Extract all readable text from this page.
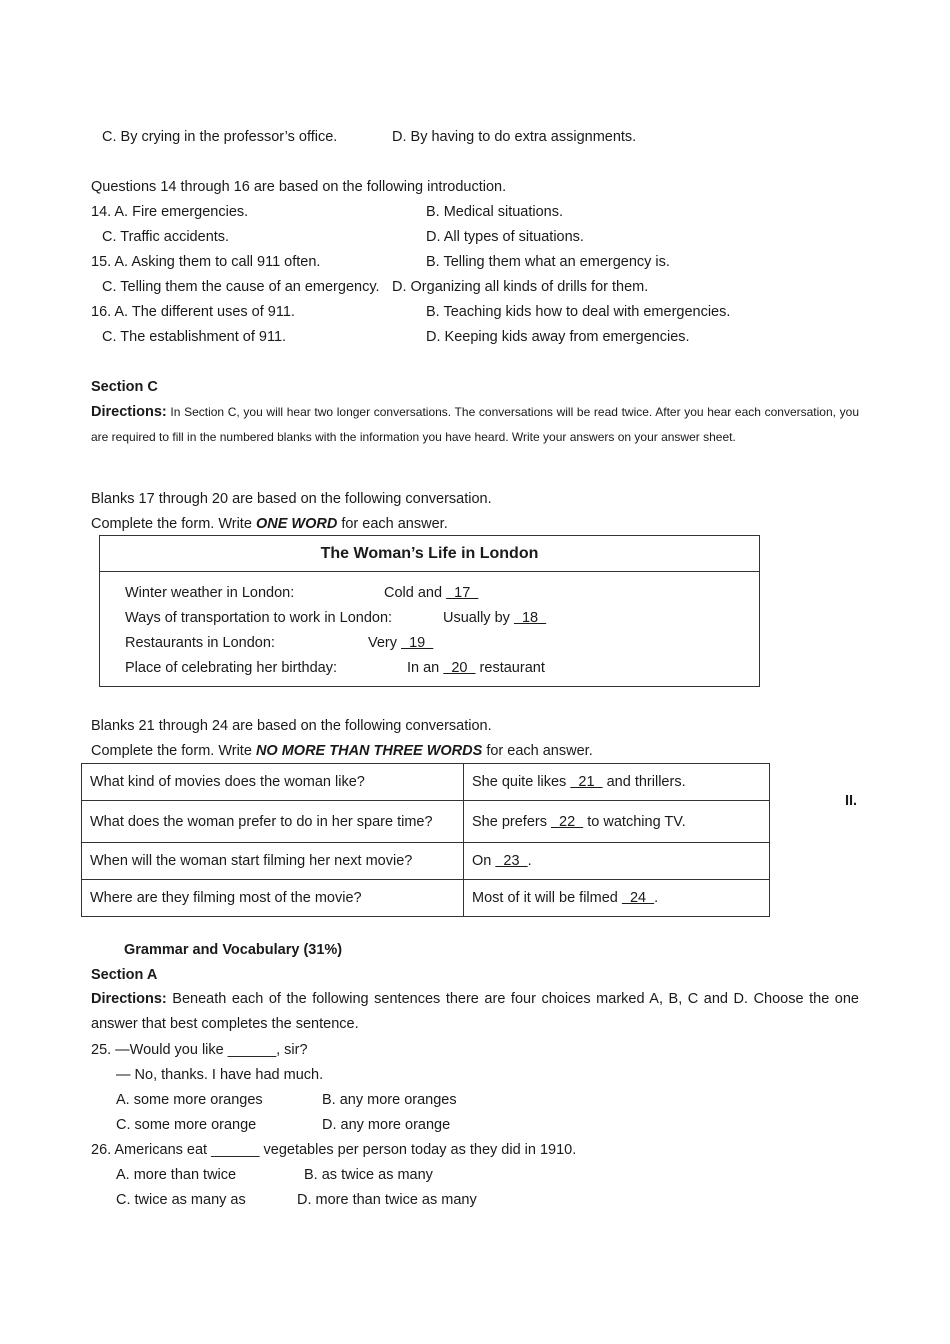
C. By crying in the professor’s office.	D. By having to do extra assignments.
Questions 14 through 16 are based on the following introduction.
14. A. Fire emergencies.	B. Medical situations.
C. Traffic accidents.	D. All types of situations.
15. A. Asking them to call 911 often.	B. Telling them what an emergency is.
C. Telling them the cause of an emergency. D. Organizing all kinds of drills for them.
16. A. The different uses of 911.	B. Teaching kids how to deal with emergencies.
C. The establishment of 911.	D. Keeping kids away from emergencies.
Section C
Directions: In Section C, you will hear two longer conversations. The conversations will be read twice. After you hear each conversation, you are required to fill in the numbered blanks with the information you have heard. Write your answers on your answer sheet.
Blanks 17 through 20 are based on the following conversation.
Complete the form. Write ONE WORD for each answer.
The Woman’s Life in London
Winter weather in London:	Cold and   17
Ways of transportation to work in London:	Usually by   18
Restaurants in London:	Very   19
Place of celebrating her birthday:	In an   20   restaurant
Blanks 21 through 24 are based on the following conversation.
Complete the form. Write NO MORE THAN THREE WORDS for each answer.
What kind of movies does the woman like?	She quite likes   21   and thrillers.
What does the woman prefer to do in her spare time?	She prefers   22   to watching TV.
When will the woman start filming her next movie?	On   23  .
Where are they filming most of the movie?	Most of it will be filmed   24  .
II.
Grammar and Vocabulary (31%)
Section A
Directions: Beneath each of the following sentences there are four choices marked A, B, C and D. Choose the one answer that best completes the sentence.
25. —Would you like ______, sir?
— No, thanks. I have had much.
A. some more oranges	B. any more oranges
C. some more orange	D. any more orange
26. Americans eat ______ vegetables per person today as they did in 1910.
A. more than twice	B. as twice as many
C. twice as many as	D. more than twice as many
